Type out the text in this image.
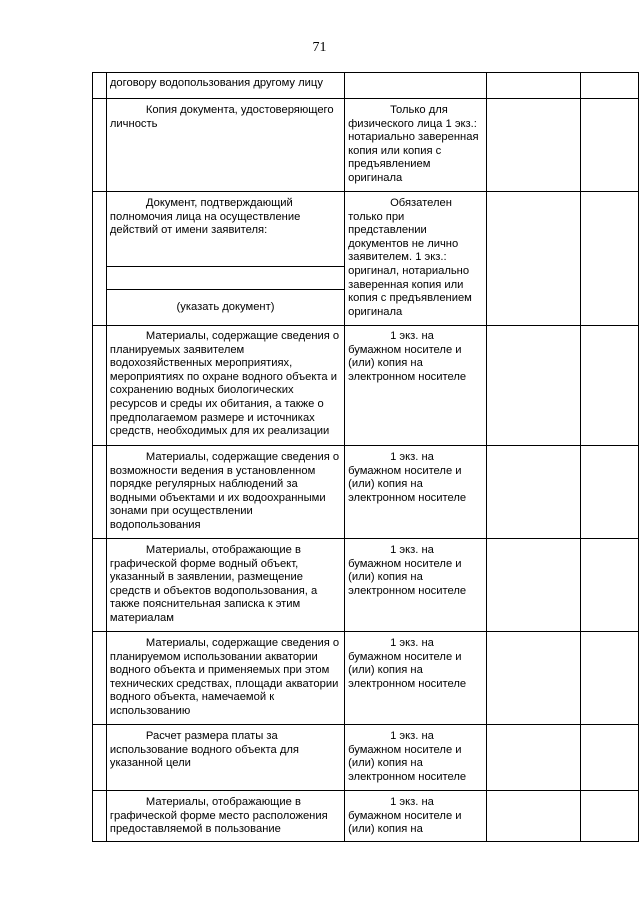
71

	договору водопользования другому лицу			

	Копия документа, удостоверяющего личность	Только для физического лица 1 экз.: нотариально заверенная копия или копия с предъявлением оригинала		

	Документ, подтверждающий полномочия лица на осуществление действий от имени заявителя:	Обязателен только при представлении документов не лично заявителем. 1 экз.: оригинал, нотариально заверенная копия или копия с предъявлением оригинала		

	(указать документ)			

	Материалы, содержащие сведения о планируемых заявителем водохозяйственных мероприятиях, мероприятиях по охране водного объекта и сохранению водных биологических ресурсов и среды их обитания, а также о предполагаемом размере и источниках средств, необходимых для их реализации	1 экз. на бумажном носителе и (или) копия на электронном носителе		

	Материалы, содержащие сведения о возможности ведения в установленном порядке регулярных наблюдений за водными объектами и их водоохранными зонами при осуществлении водопользования	1 экз. на бумажном носителе и (или) копия на электронном носителе		

	Материалы, отображающие в графической форме водный объект, указанный в заявлении, размещение средств и объектов водопользования, а также пояснительная записка к этим материалам	1 экз. на бумажном носителе и (или) копия на электронном носителе		

	Материалы, содержащие сведения о планируемом использовании акватории водного объекта и применяемых при этом технических средствах, площади акватории водного объекта, намечаемой к использованию	1 экз. на бумажном носителе и (или) копия на электронном носителе		

	Расчет размера платы за использование водного объекта для указанной цели	1 экз. на бумажном носителе и (или) копия на электронном носителе		

	Материалы, отображающие в графической форме место расположения предоставляемой в пользование	1 экз. на бумажном носителе и (или) копия на		
